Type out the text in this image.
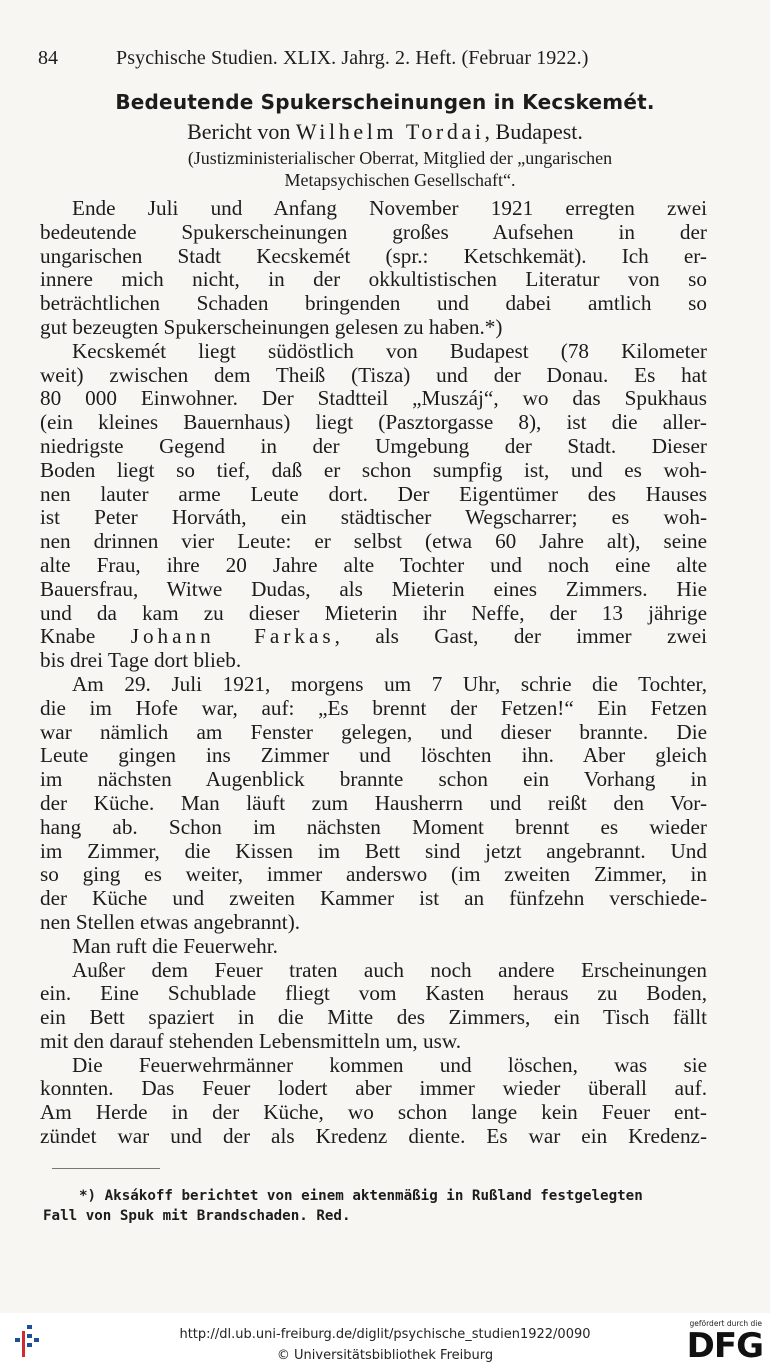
84	Psychische Studien. XLIX. Jahrg. 2. Heft. (Februar 1922.)
Bedeutende Spukerscheinungen in Kecskemét.
Bericht von Wilhelm Tordai, Budapest.
(Justizministerialischer Oberrat, Mitglied der „ungarischen
Metapsychischen Gesellschaft“.
Ende Juli und Anfang November 1921 erregten zwei
bedeutende Spukerscheinungen großes Aufsehen in der
ungarischen Stadt Kecskemét (spr.: Ketschkemät). Ich er-
innere mich nicht, in der okkultistischen Literatur von so
beträchtlichen Schaden bringenden und dabei amtlich so
gut bezeugten Spukerscheinungen gelesen zu haben.*)
Kecskemét liegt südöstlich von Budapest (78 Kilometer
weit) zwischen dem Theiß (Tisza) und der Donau. Es hat
80 000 Einwohner. Der Stadtteil „Muszáj“, wo das Spukhaus
(ein kleines Bauernhaus) liegt (Pasztorgasse 8), ist die aller-
niedrigste Gegend in der Umgebung der Stadt. Dieser
Boden liegt so tief, daß er schon sumpfig ist, und es woh-
nen lauter arme Leute dort. Der Eigentümer des Hauses
ist Peter Horváth, ein städtischer Wegscharrer; es woh-
nen drinnen vier Leute: er selbst (etwa 60 Jahre alt), seine
alte Frau, ihre 20 Jahre alte Tochter und noch eine alte
Bauersfrau, Witwe Dudas, als Mieterin eines Zimmers. Hie
und da kam zu dieser Mieterin ihr Neffe, der 13 jährige
Knabe Johann Farkas, als Gast, der immer zwei
bis drei Tage dort blieb.
Am 29. Juli 1921, morgens um 7 Uhr, schrie die Tochter,
die im Hofe war, auf: „Es brennt der Fetzen!“ Ein Fetzen
war nämlich am Fenster gelegen, und dieser brannte. Die
Leute gingen ins Zimmer und löschten ihn. Aber gleich
im nächsten Augenblick brannte schon ein Vorhang in
der Küche. Man läuft zum Hausherrn und reißt den Vor-
hang ab. Schon im nächsten Moment brennt es wieder
im Zimmer, die Kissen im Bett sind jetzt angebrannt. Und
so ging es weiter, immer anderswo (im zweiten Zimmer, in
der Küche und zweiten Kammer ist an fünfzehn verschiede-
nen Stellen etwas angebrannt).
Man ruft die Feuerwehr.
Außer dem Feuer traten auch noch andere Erscheinungen
ein. Eine Schublade fliegt vom Kasten heraus zu Boden,
ein Bett spaziert in die Mitte des Zimmers, ein Tisch fällt
mit den darauf stehenden Lebensmitteln um, usw.
Die Feuerwehrmänner kommen und löschen, was sie
konnten. Das Feuer lodert aber immer wieder überall auf.
Am Herde in der Küche, wo schon lange kein Feuer ent-
zündet war und der als Kredenz diente. Es war ein Kredenz-
*) Aksákoff berichtet von einem aktenmäßig in Rußland festgelegten
Fall von Spuk mit Brandschaden. Red.
http://dl.ub.uni-freiburg.de/diglit/psychische_studien1922/0090
© Universitätsbibliothek Freiburg
gefördert durch die
DFG
